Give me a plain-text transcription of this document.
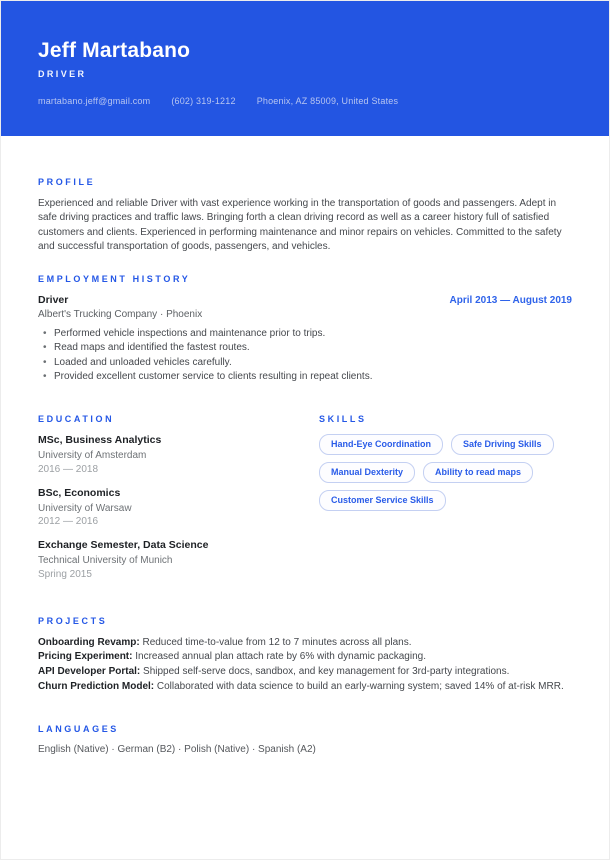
Jeff Martabano
DRIVER
martabano.jeff@gmail.com (602) 319-1212 Phoenix, AZ 85009, United States
PROFILE

Experienced and reliable Driver with vast experience working in the transportation of goods and passengers. Adept in safe driving practices and traffic laws. Bringing forth a clean driving record as well as a career history full of satisfied customers and clients. Experienced in performing maintenance and minor repairs on vehicles. Committed to the safety and successful transportation of goods, passengers, and vehicles.

EMPLOYMENT HISTORY
Driver	April 2013 — August 2019
Albert's Trucking Company · Phoenix
• Performed vehicle inspections and maintenance prior to trips.
• Read maps and identified the fastest routes.
• Loaded and unloaded vehicles carefully.
• Provided excellent customer service to clients resulting in repeat clients.
EDUCATION
MSc, Business Analytics
University of Amsterdam
2016 — 2018
BSc, Economics
University of Warsaw
2012 — 2016
Exchange Semester, Data Science
Technical University of Munich
Spring 2015
SKILLS
Hand-Eye Coordination	Safe Driving Skills
Manual Dexterity	Ability to read maps
Customer Service Skills
PROJECTS

Onboarding Revamp: Reduced time-to-value from 12 to 7 minutes across all plans.

Pricing Experiment: Increased annual plan attach rate by 6% with dynamic packaging.

API Developer Portal: Shipped self-serve docs, sandbox, and key management for 3rd-party integrations.

Churn Prediction Model: Collaborated with data science to build an early-warning system; saved 14% of at-risk MRR.

LANGUAGES

English (Native) · German (B2) · Polish (Native) · Spanish (A2)
